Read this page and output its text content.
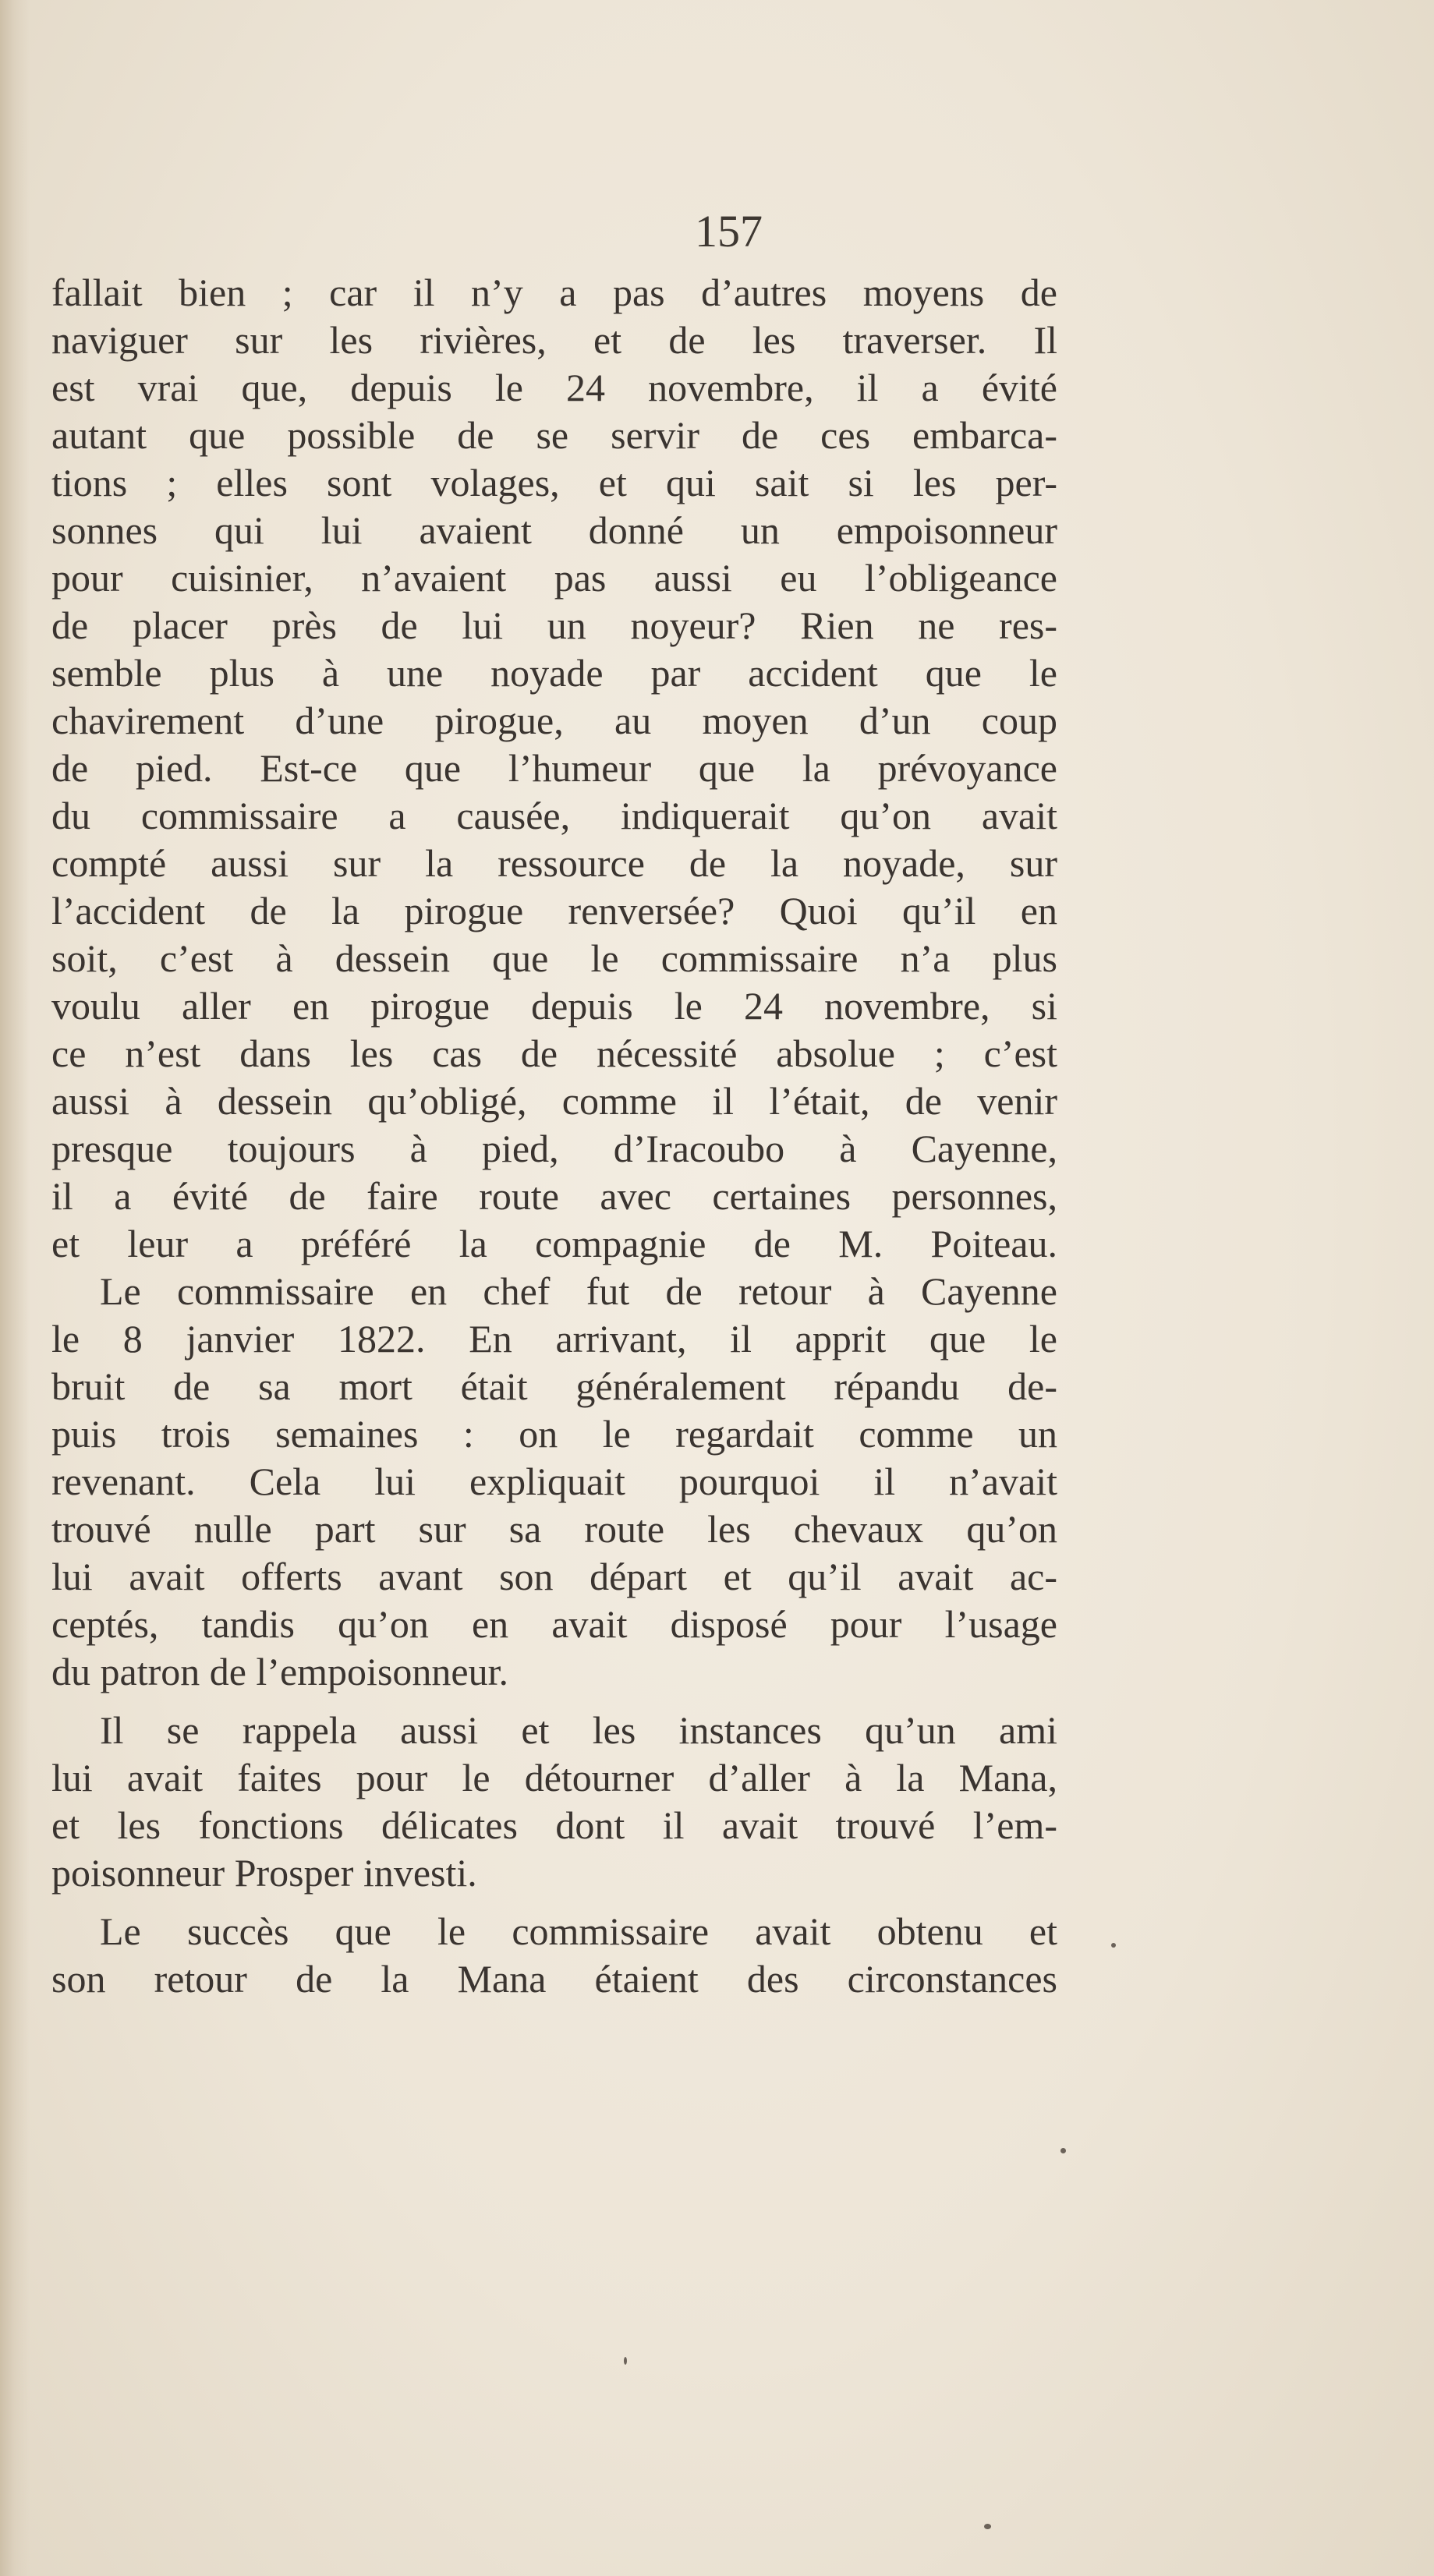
157
fallait bien ; car il n’y a pas d’autres moyens de
naviguer sur les rivières, et de les traverser. Il
est vrai que, depuis le 24 novembre, il a évité
autant que possible de se servir de ces embarca-
tions ; elles sont volages, et qui sait si les per-
sonnes qui lui avaient donné un empoisonneur
pour cuisinier, n’avaient pas aussi eu l’obligeance
de placer près de lui un noyeur? Rien ne res-
semble plus à une noyade par accident que le
chavirement d’une pirogue, au moyen d’un coup
de pied. Est-ce que l’humeur que la prévoyance
du commissaire a causée, indiquerait qu’on avait
compté aussi sur la ressource de la noyade, sur
l’accident de la pirogue renversée? Quoi qu’il en
soit, c’est à dessein que le commissaire n’a plus
voulu aller en pirogue depuis le 24 novembre, si
ce n’est dans les cas de nécessité absolue ; c’est
aussi à dessein qu’obligé, comme il l’était, de venir
presque toujours à pied, d’Iracoubo à Cayenne,
il a évité de faire route avec certaines personnes,
et leur a préféré la compagnie de M. Poiteau.
Le commissaire en chef fut de retour à Cayenne
le 8 janvier 1822. En arrivant, il apprit que le
bruit de sa mort était généralement répandu de-
puis trois semaines : on le regardait comme un
revenant. Cela lui expliquait pourquoi il n’avait
trouvé nulle part sur sa route les chevaux qu’on
lui avait offerts avant son départ et qu’il avait ac-
ceptés, tandis qu’on en avait disposé pour l’usage
du patron de l’empoisonneur.
Il se rappela aussi et les instances qu’un ami
lui avait faites pour le détourner d’aller à la Mana,
et les fonctions délicates dont il avait trouvé l’em-
poisonneur Prosper investi.
Le succès que le commissaire avait obtenu et
son retour de la Mana étaient des circonstances
